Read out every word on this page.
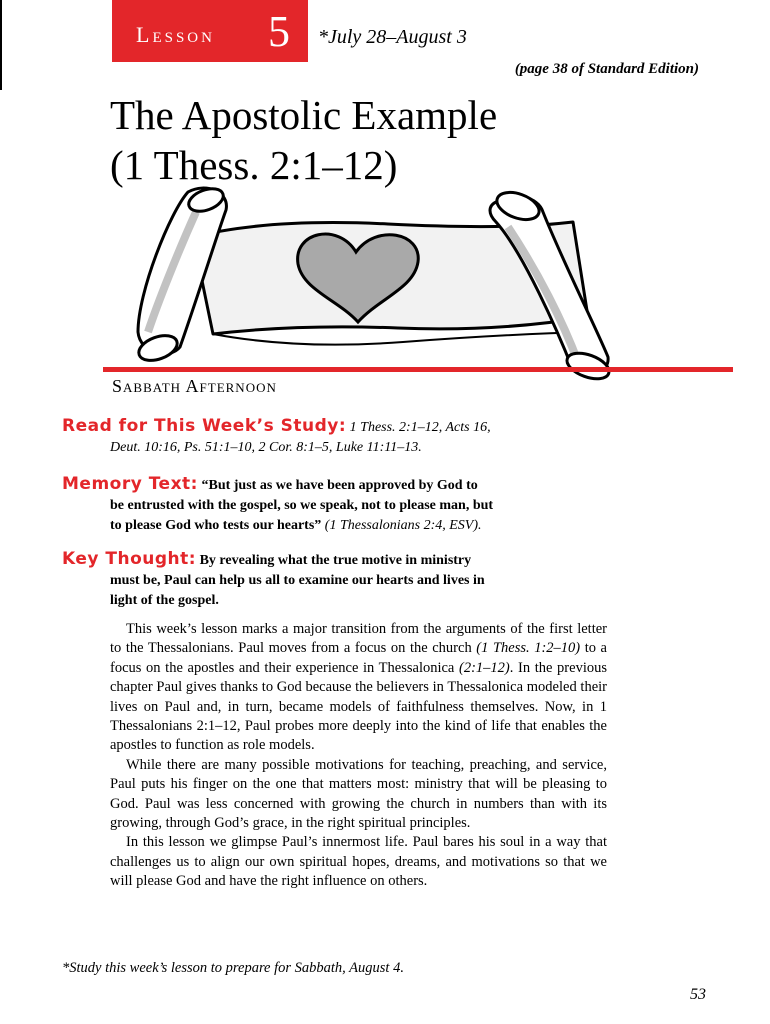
Lesson 5 *July 28–August 3
(page 38 of Standard Edition)
The Apostolic Example
(1 Thess. 2:1–12)
Sabbath Afternoon
Read for This Week’s Study: 1 Thess. 2:1–12, Acts 16,
Deut. 10:16, Ps. 51:1–10, 2 Cor. 8:1–5, Luke 11:11–13.
Memory Text: “But just as we have been approved by God to
be entrusted with the gospel, so we speak, not to please man, but
to please God who tests our hearts” (1 Thessalonians 2:4, ESV).
Key Thought: By revealing what the true motive in ministry
must be, Paul can help us all to examine our hearts and lives in
light of the gospel.

This week’s lesson marks a major transition from the arguments of the first letter to the Thessalonians. Paul moves from a focus on the church (1 Thess. 1:2–10) to a focus on the apostles and their experience in Thessalonica (2:1–12). In the previous chapter Paul gives thanks to God because the believers in Thessalonica modeled their lives on Paul and, in turn, became models of faithfulness themselves. Now, in 1 Thessalonians 2:1–12, Paul probes more deeply into the kind of life that enables the apostles to function as role models.

While there are many possible motivations for teaching, preaching, and service, Paul puts his finger on the one that matters most: ministry that will be pleasing to God. Paul was less concerned with growing the church in numbers than with its growing, through God’s grace, in the right spiritual principles.

In this lesson we glimpse Paul’s innermost life. Paul bares his soul in a way that challenges us to align our own spiritual hopes, dreams, and motivations so that we will please God and have the right influence on others.

*Study this week’s lesson to prepare for Sabbath, August 4.
53
